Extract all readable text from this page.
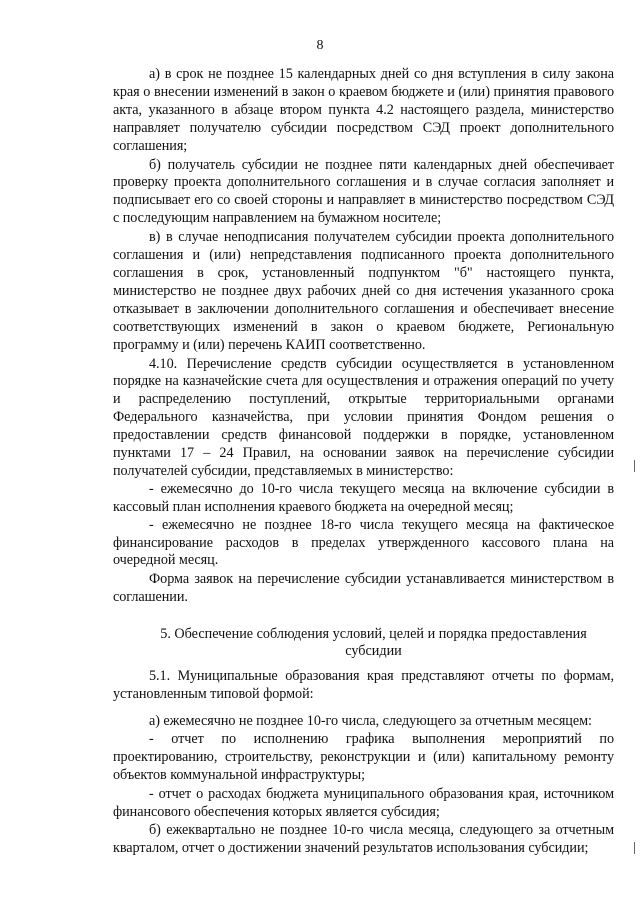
8

а) в срок не позднее 15 календарных дней со дня вступления в силу закона края о внесении изменений в закон о краевом бюджете и (или) принятия правового акта, указанного в абзаце втором пункта 4.2 настоящего раздела, министерство направляет получателю субсидии посредством СЭД проект дополнительного соглашения;

б) получатель субсидии не позднее пяти календарных дней обеспечивает проверку проекта дополнительного соглашения и в случае согласия заполняет и подписывает его со своей стороны и направляет в министерство посредством СЭД с последующим направлением на бумажном носителе;

в) в случае неподписания получателем субсидии проекта дополнительного соглашения и (или) непредставления подписанного проекта дополнительного соглашения в срок, установленный подпунктом "б" настоящего пункта, министерство не позднее двух рабочих дней со дня истечения указанного срока отказывает в заключении дополнительного соглашения и обеспечивает внесение соответствующих изменений в закон о краевом бюджете, Региональную программу и (или) перечень КАИП соответственно.

4.10. Перечисление средств субсидии осуществляется в установленном порядке на казначейские счета для осуществления и отражения операций по учету и распределению поступлений, открытые территориальными органами Федерального казначейства, при условии принятия Фондом решения о предоставлении средств финансовой поддержки в порядке, установленном пунктами 17 – 24 Правил, на основании заявок на перечисление субсидии получателей субсидии, представляемых в министерство:

- ежемесячно до 10-го числа текущего месяца на включение субсидии в кассовый план исполнения краевого бюджета на очередной месяц;

- ежемесячно не позднее 18-го числа текущего месяца на фактическое финансирование расходов в пределах утвержденного кассового плана на очередной месяц.

Форма заявок на перечисление субсидии устанавливается министерством в соглашении.

5. Обеспечение соблюдения условий, целей и порядка предоставления субсидии

5.1. Муниципальные образования края представляют отчеты по формам, установленным типовой формой:

а) ежемесячно не позднее 10-го числа, следующего за отчетным месяцем:

- отчет по исполнению графика выполнения мероприятий по проектированию, строительству, реконструкции и (или) капитальному ремонту объектов коммунальной инфраструктуры;

- отчет о расходах бюджета муниципального образования края, источником финансового обеспечения которых является субсидия;

б) ежеквартально не позднее 10-го числа месяца, следующего за отчетным кварталом, отчет о достижении значений результатов использования субсидии;
